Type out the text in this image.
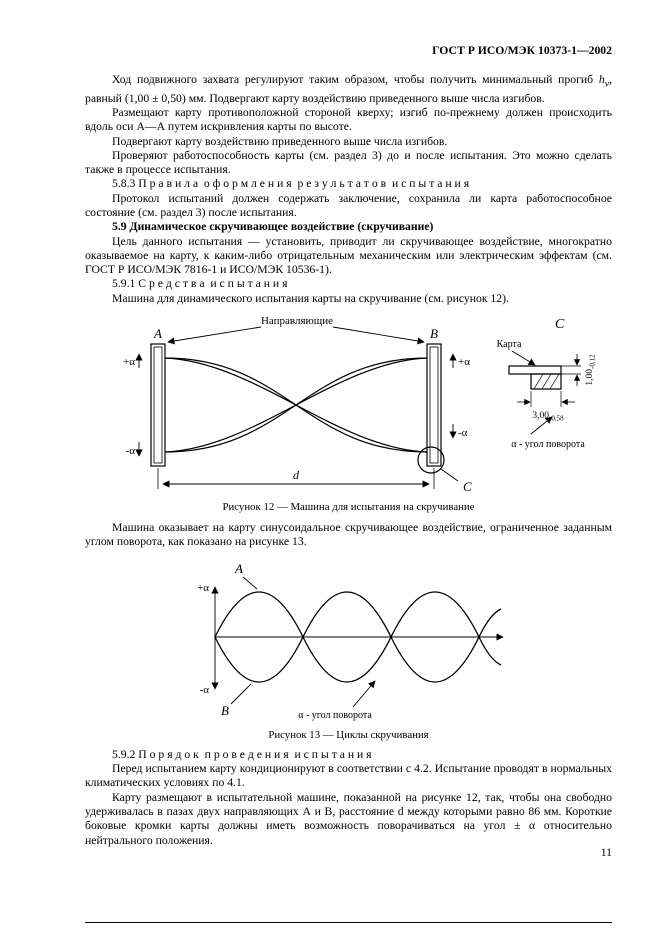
ГОСТ Р ИСО/МЭК 10373-1—2002

Ход подвижного захвата регулируют таким образом, чтобы получить минимальный прогиб $h_v$, равный (1,00 ± 0,50) мм. Подвергают карту воздействию приведенного выше числа изгибов.

Размещают карту противоположной стороной кверху; изгиб по-прежнему должен происходить вдоль оси А—А путем искривления карты по высоте.

Подвергают карту воздействию приведенного выше числа изгибов.

Проверяют работоспособность карты (см. раздел 3) до и после испытания. Это можно сделать также в процессе испытания.

5.8.3 П р а в и л а  о ф о р м л е н и я  р е з у л ь т а т о в  и с п ы т а н и я

Протокол испытаний должен содержать заключение, сохранила ли карта работоспособное состояние (см. раздел 3) после испытания.

5.9 Динамическое скручивающее воздействие (скручивание)

Цель данного испытания — установить, приводит ли скручивающее воздействие, многократно оказываемое на карту, к каким-либо отрицательным механическим или электрическим эффектам (см. ГОСТ Р ИСО/МЭК 7816-1 и ИСО/МЭК 10536-1).

5.9.1 С р е д с т в а  и с п ы т а н и я

Машина для динамического испытания карты на скручивание (см. рисунок 12).

Направляющие
А	В
+α
-α
+α
-α
d
С
С
Карта
$1,00_{-0,12}$
$3,00_{-0,58}$
α - угол поворота

Рисунок 12 — Машина для испытания на скручивание

Машина оказывает на карту синусоидальное скручивающее воздействие, ограниченное заданным углом поворота, как показано на рисунке 13.

А
В
+α
-α
α - угол поворота

Рисунок 13 — Циклы скручивания

5.9.2 П о р я д о к  п р о в е д е н и я  и с п ы т а н и я

Перед испытанием карту кондиционируют в соответствии с 4.2. Испытание проводят в нормальных климатических условиях по 4.1.

Карту размещают в испытательной машине, показанной на рисунке 12, так, чтобы она свободно удерживалась в пазах двух направляющих А и В, расстояние d между которыми равно 86 мм. Короткие боковые кромки карты должны иметь возможность поворачиваться на угол ± α относительно нейтрального положения.

11
